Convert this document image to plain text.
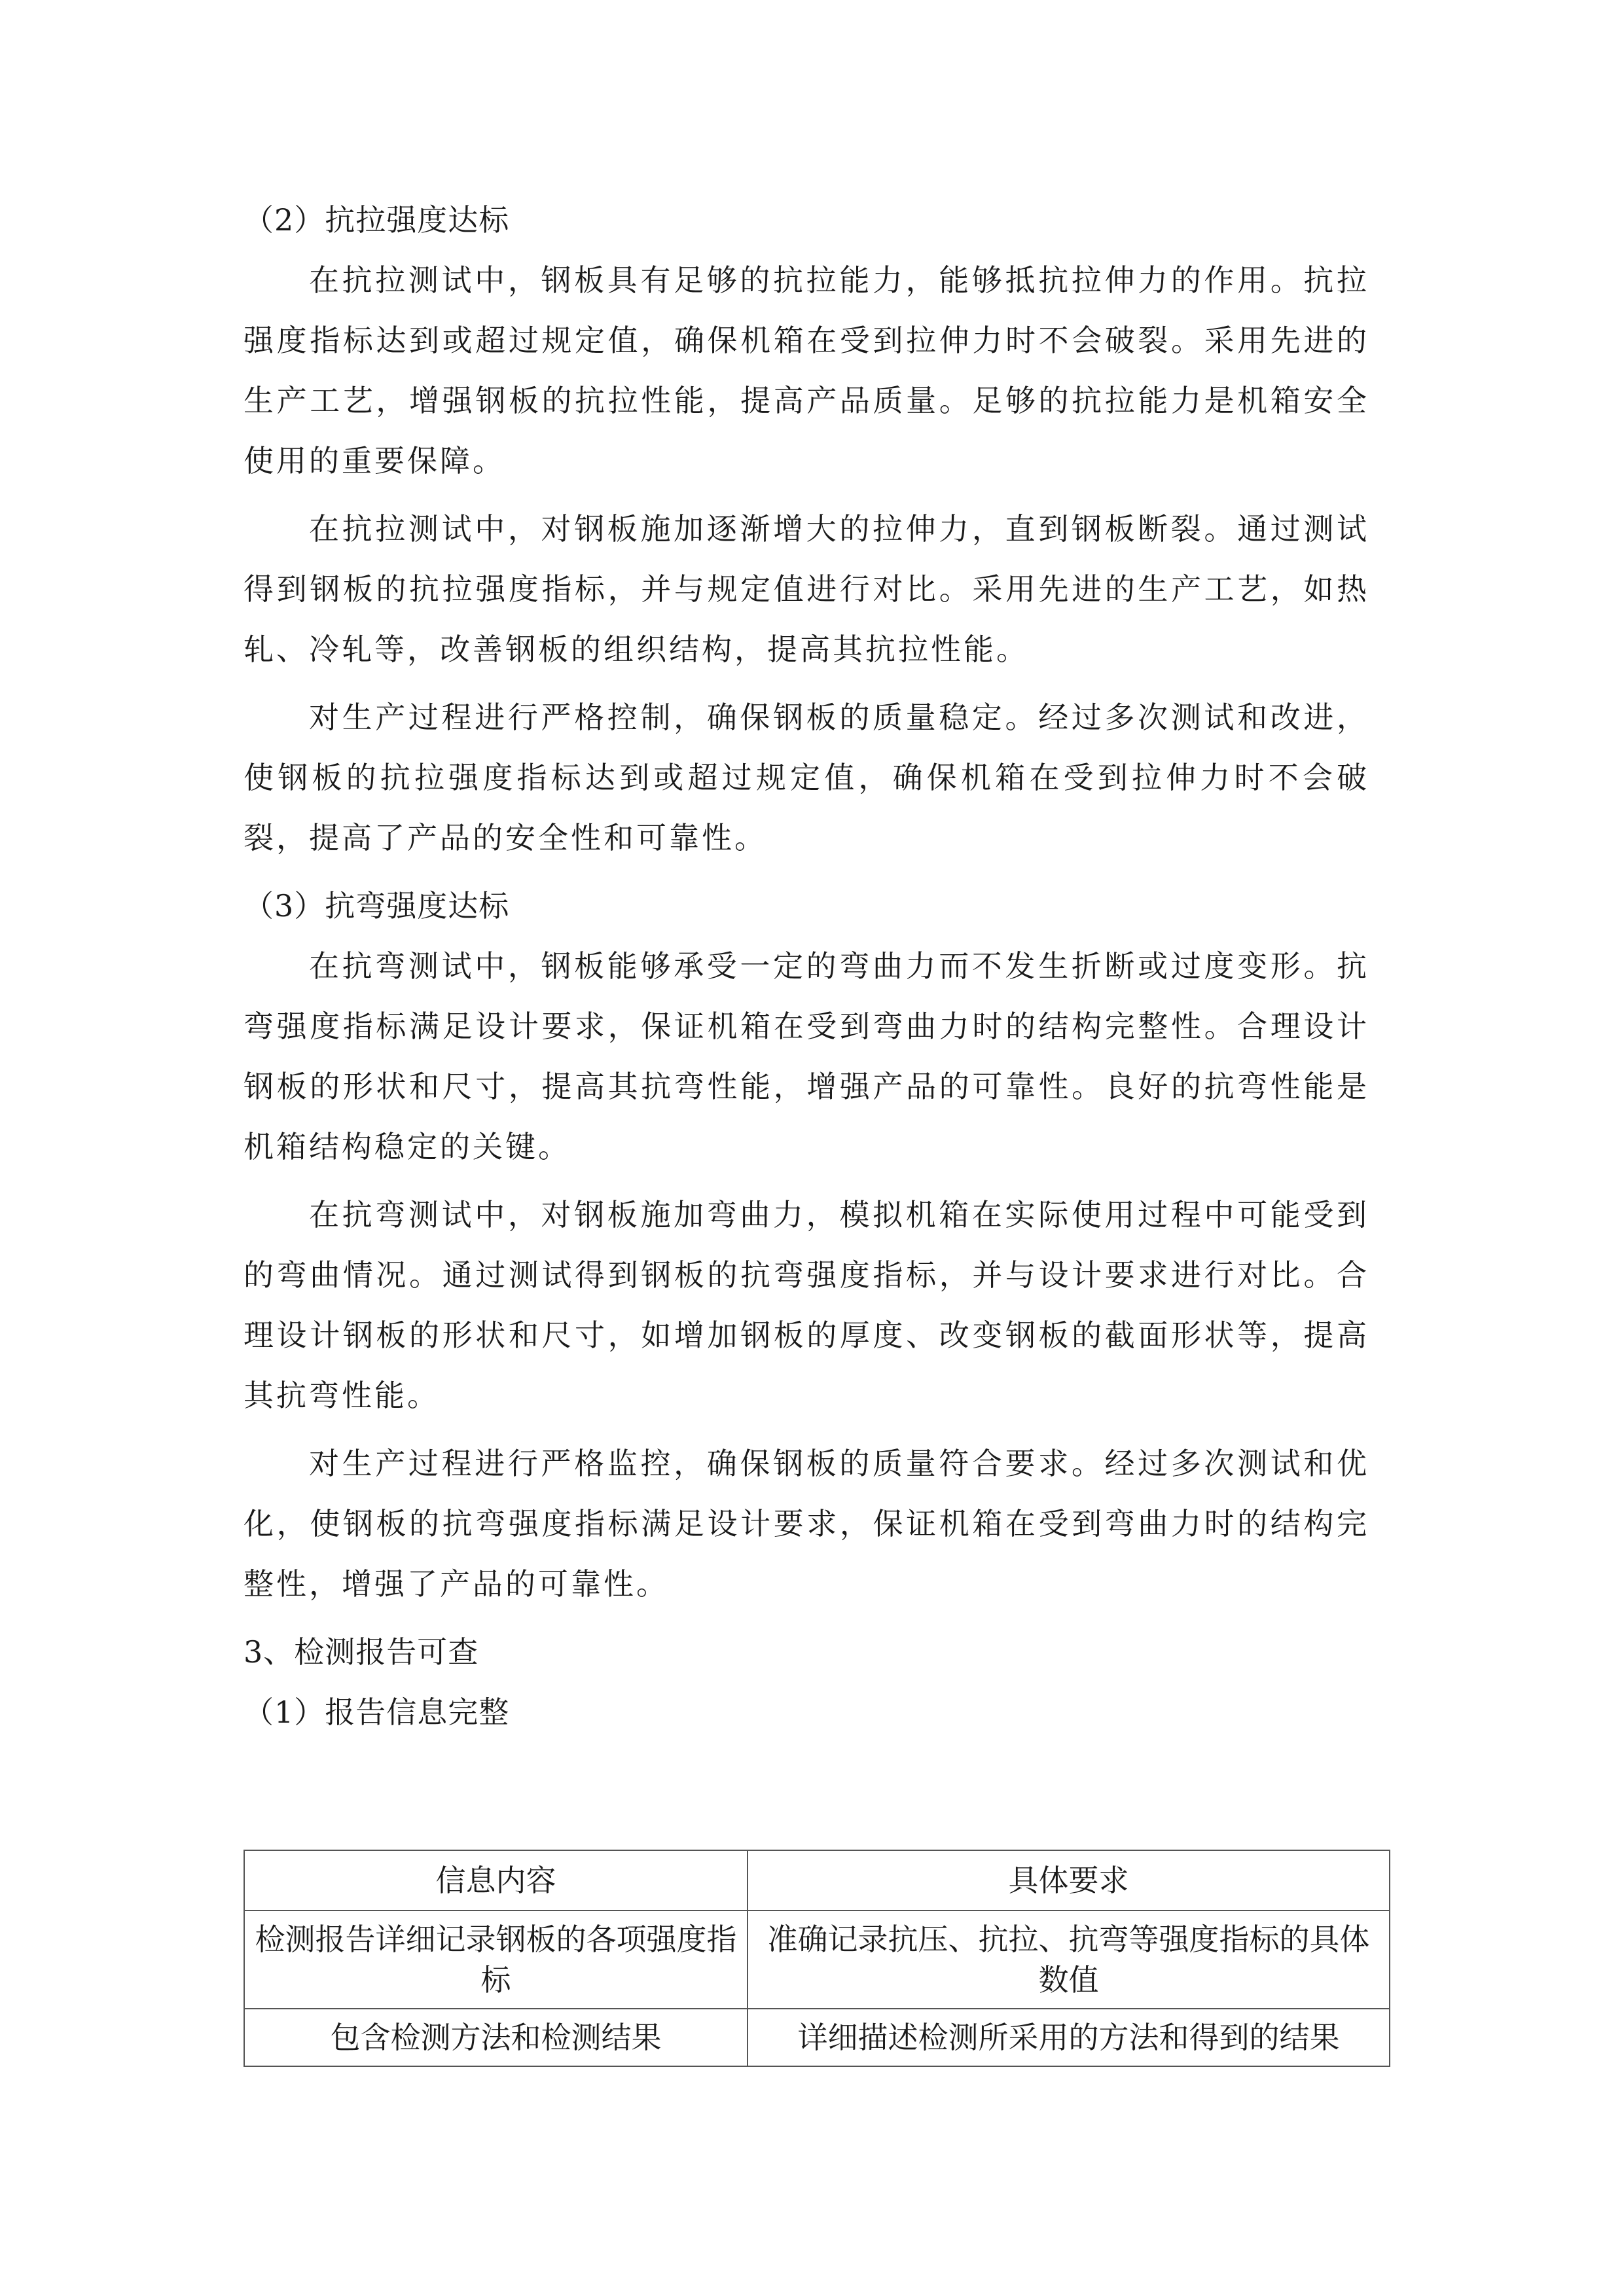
（2）抗拉强度达标

在抗拉测试中，钢板具有足够的抗拉能力，能够抵抗拉伸力的作用。抗拉强度指标达到或超过规定值，确保机箱在受到拉伸力时不会破裂。采用先进的生产工艺，增强钢板的抗拉性能，提高产品质量。足够的抗拉能力是机箱安全使用的重要保障。

在抗拉测试中，对钢板施加逐渐增大的拉伸力，直到钢板断裂。通过测试得到钢板的抗拉强度指标，并与规定值进行对比。采用先进的生产工艺，如热轧、冷轧等，改善钢板的组织结构，提高其抗拉性能。

对生产过程进行严格控制，确保钢板的质量稳定。经过多次测试和改进，使钢板的抗拉强度指标达到或超过规定值，确保机箱在受到拉伸力时不会破裂，提高了产品的安全性和可靠性。

（3）抗弯强度达标

在抗弯测试中，钢板能够承受一定的弯曲力而不发生折断或过度变形。抗弯强度指标满足设计要求，保证机箱在受到弯曲力时的结构完整性。合理设计钢板的形状和尺寸，提高其抗弯性能，增强产品的可靠性。良好的抗弯性能是机箱结构稳定的关键。

在抗弯测试中，对钢板施加弯曲力，模拟机箱在实际使用过程中可能受到的弯曲情况。通过测试得到钢板的抗弯强度指标，并与设计要求进行对比。合理设计钢板的形状和尺寸，如增加钢板的厚度、改变钢板的截面形状等，提高其抗弯性能。

对生产过程进行严格监控，确保钢板的质量符合要求。经过多次测试和优化，使钢板的抗弯强度指标满足设计要求，保证机箱在受到弯曲力时的结构完整性，增强了产品的可靠性。

3、检测报告可查

（1）报告信息完整

信息内容	具体要求
检测报告详细记录钢板的各项强度指标	准确记录抗压、抗拉、抗弯等强度指标的具体数值
包含检测方法和检测结果	详细描述检测所采用的方法和得到的结果
